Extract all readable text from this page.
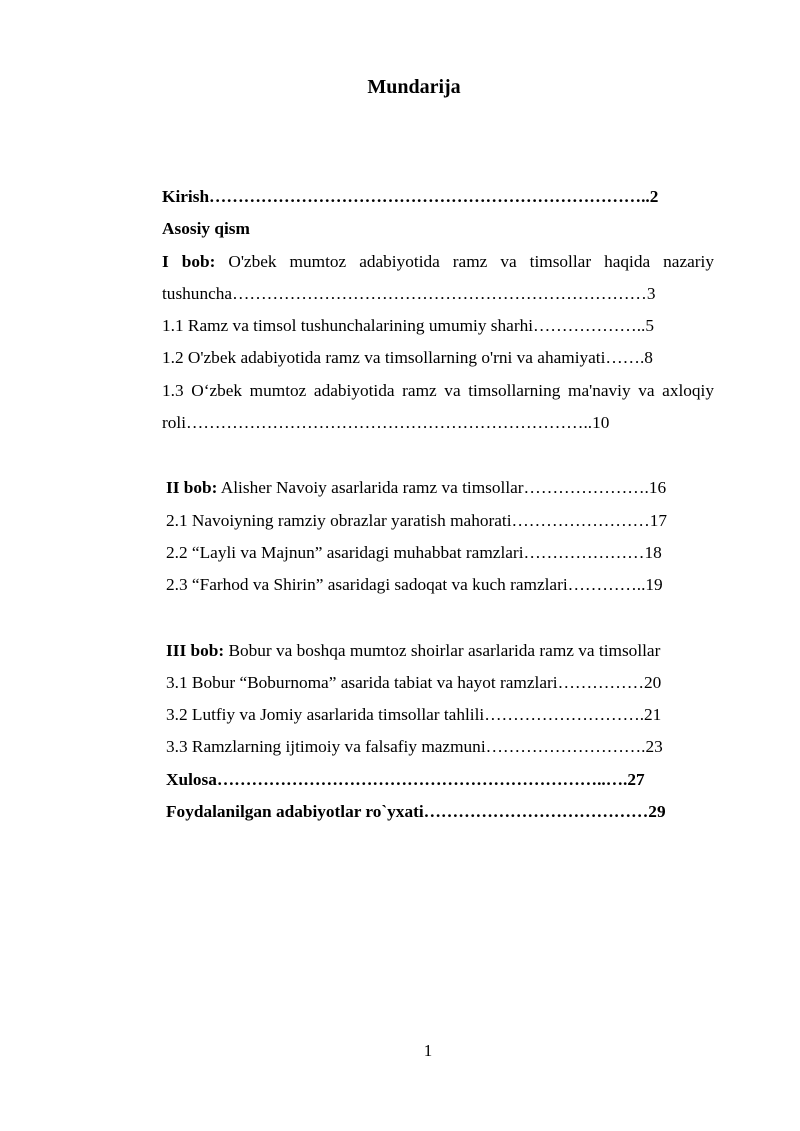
Mundarija

Kirish…………………………………………………………………..2

Asosiy qism

I bob: O'zbek mumtoz adabiyotida ramz va timsollar haqida nazariy tushuncha………………………………………………………………3

1.1 Ramz va timsol tushunchalarining umumiy sharhi………………..5

1.2 O'zbek adabiyotida ramz va timsollarning o'rni va ahamiyati…….8

1.3 O‘zbek mumtoz adabiyotida ramz va timsollarning ma'naviy va axloqiy roli……………………………………………………………..10

II bob: Alisher Navoiy asarlarida ramz va timsollar………………….16

2.1 Navoiyning ramziy obrazlar yaratish mahorati……………………17

2.2 “Layli va Majnun” asaridagi muhabbat ramzlari…………………18

2.3 “Farhod va Shirin” asaridagi sadoqat va kuch ramzlari…………..19

III bob: Bobur va boshqa mumtoz shoirlar asarlarida ramz va timsollar

3.1 Bobur “Boburnoma” asarida tabiat va hayot ramzlari……………20

3.2 Lutfiy va Jomiy asarlarida timsollar tahlili……………………….21

3.3 Ramzlarning ijtimoiy va falsafiy mazmuni……………………….23

Xulosa…………………………………………………………..….27

Foydalanilgan adabiyotlar ro`yxati…………………………………29

1
